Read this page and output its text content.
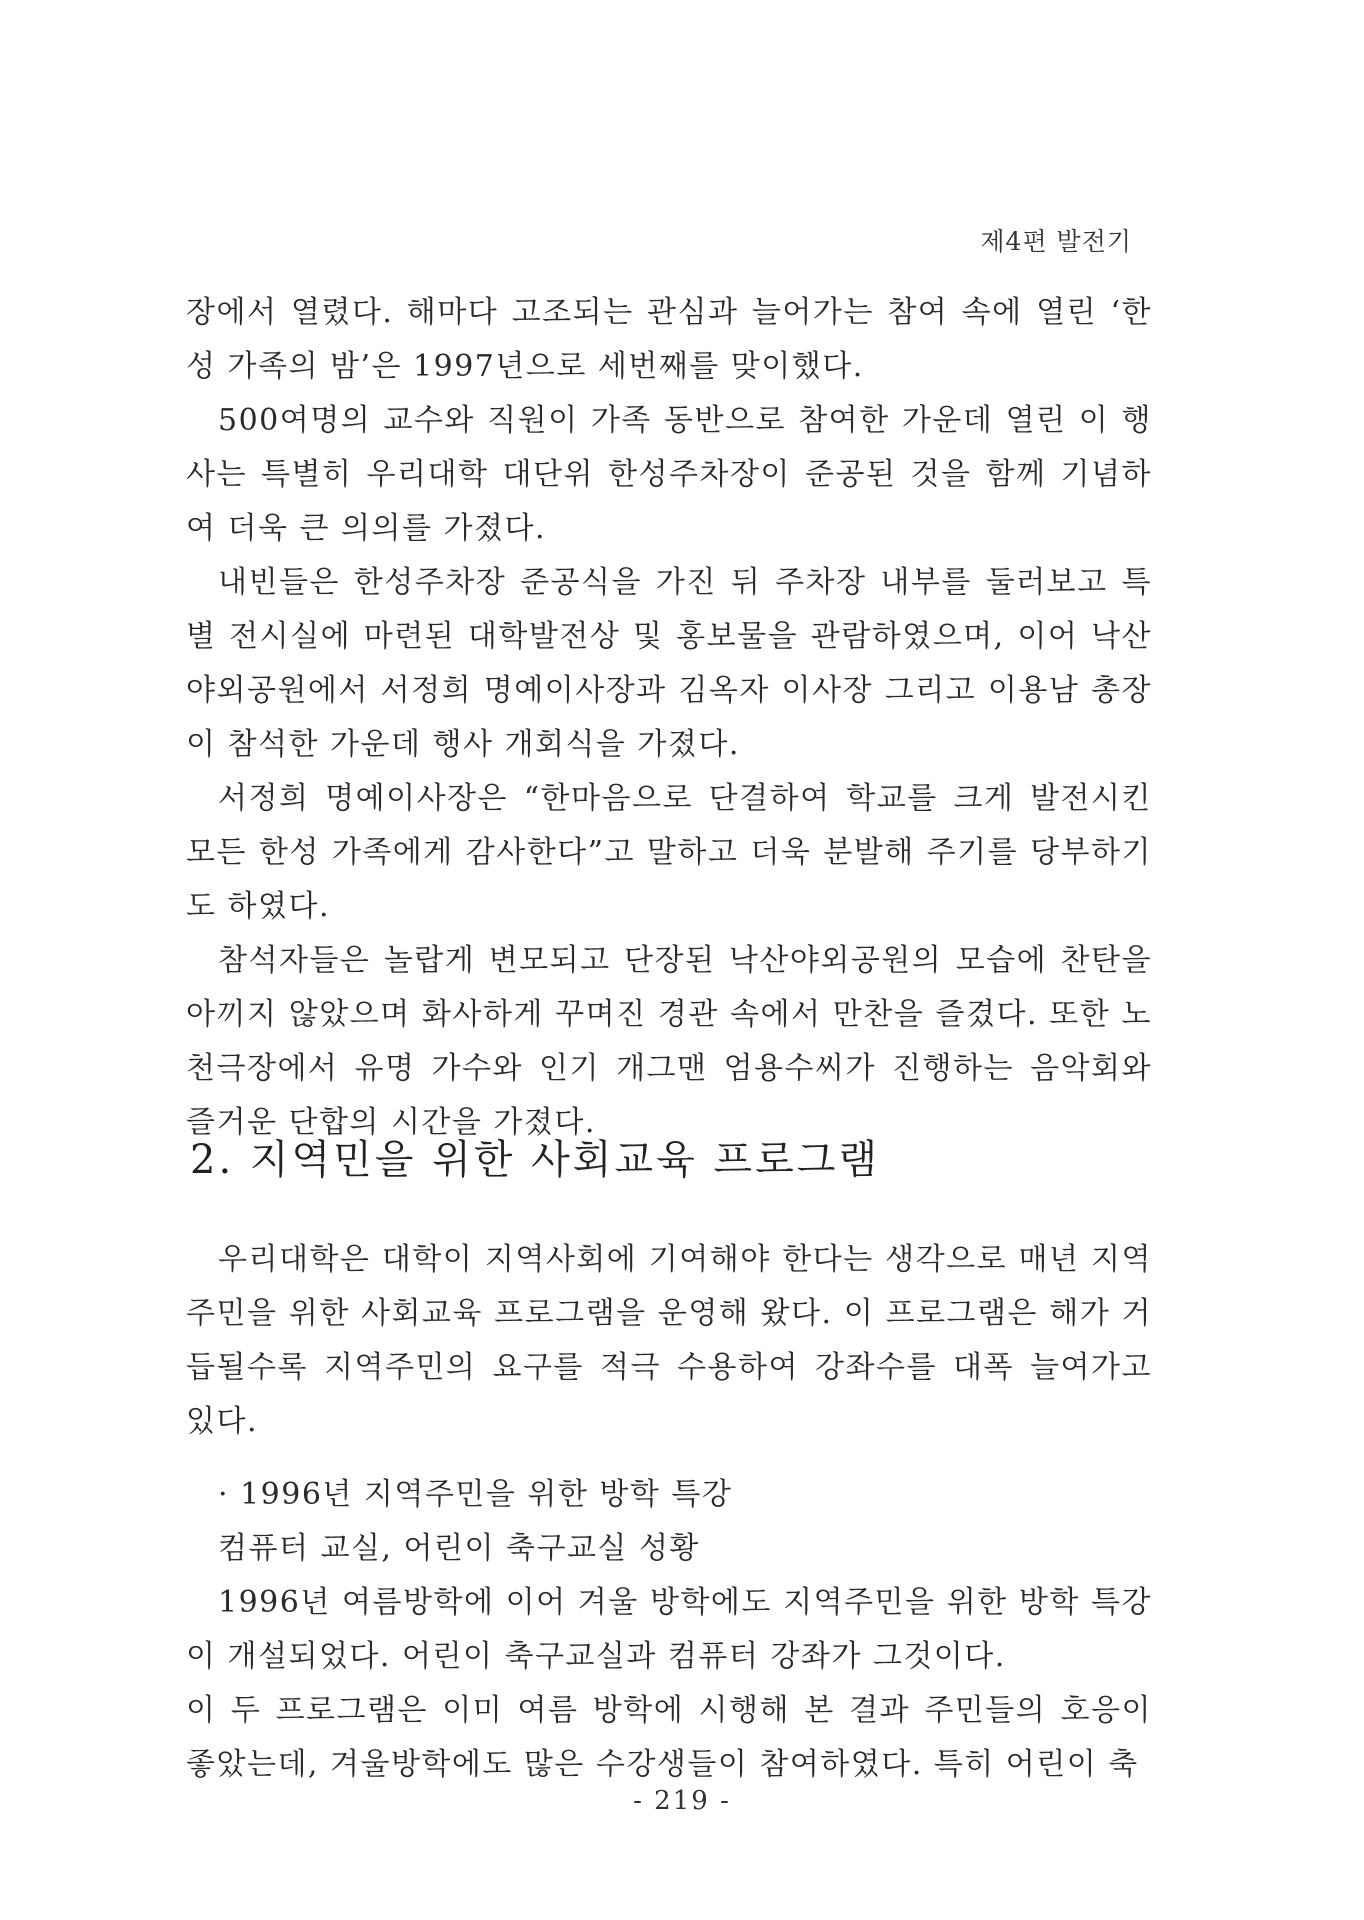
제4편 발전기

장에서 열렸다. 해마다 고조되는 관심과 늘어가는 참여 속에 열린 ‘한성 가족의 밤’은 1997년으로 세번째를 맞이했다.

500여명의 교수와 직원이 가족 동반으로 참여한 가운데 열린 이 행사는 특별히 우리대학 대단위 한성주차장이 준공된 것을 함께 기념하여 더욱 큰 의의를 가졌다.

내빈들은 한성주차장 준공식을 가진 뒤 주차장 내부를 둘러보고 특별 전시실에 마련된 대학발전상 및 홍보물을 관람하였으며, 이어 낙산야외공원에서 서정희 명예이사장과 김옥자 이사장 그리고 이용남 총장이 참석한 가운데 행사 개회식을 가졌다.

서정희 명예이사장은 “한마음으로 단결하여 학교를 크게 발전시킨 모든 한성 가족에게 감사한다”고 말하고 더욱 분발해 주기를 당부하기도 하였다.

참석자들은 놀랍게 변모되고 단장된 낙산야외공원의 모습에 찬탄을 아끼지 않았으며 화사하게 꾸며진 경관 속에서 만찬을 즐겼다. 또한 노천극장에서 유명 가수와 인기 개그맨 엄용수씨가 진행하는 음악회와 즐거운 단합의 시간을 가졌다.

2. 지역민을 위한 사회교육 프로그램

우리대학은 대학이 지역사회에 기여해야 한다는 생각으로 매년 지역주민을 위한 사회교육 프로그램을 운영해 왔다. 이 프로그램은 해가 거듭될수록 지역주민의 요구를 적극 수용하여 강좌수를 대폭 늘여가고 있다.

· 1996년 지역주민을 위한 방학 특강

컴퓨터 교실, 어린이 축구교실 성황

1996년 여름방학에 이어 겨울 방학에도 지역주민을 위한 방학 특강이 개설되었다. 어린이 축구교실과 컴퓨터 강좌가 그것이다.

이 두 프로그램은 이미 여름 방학에 시행해 본 결과 주민들의 호응이 좋았는데, 겨울방학에도 많은 수강생들이 참여하였다. 특히 어린이 축

- 219 -
